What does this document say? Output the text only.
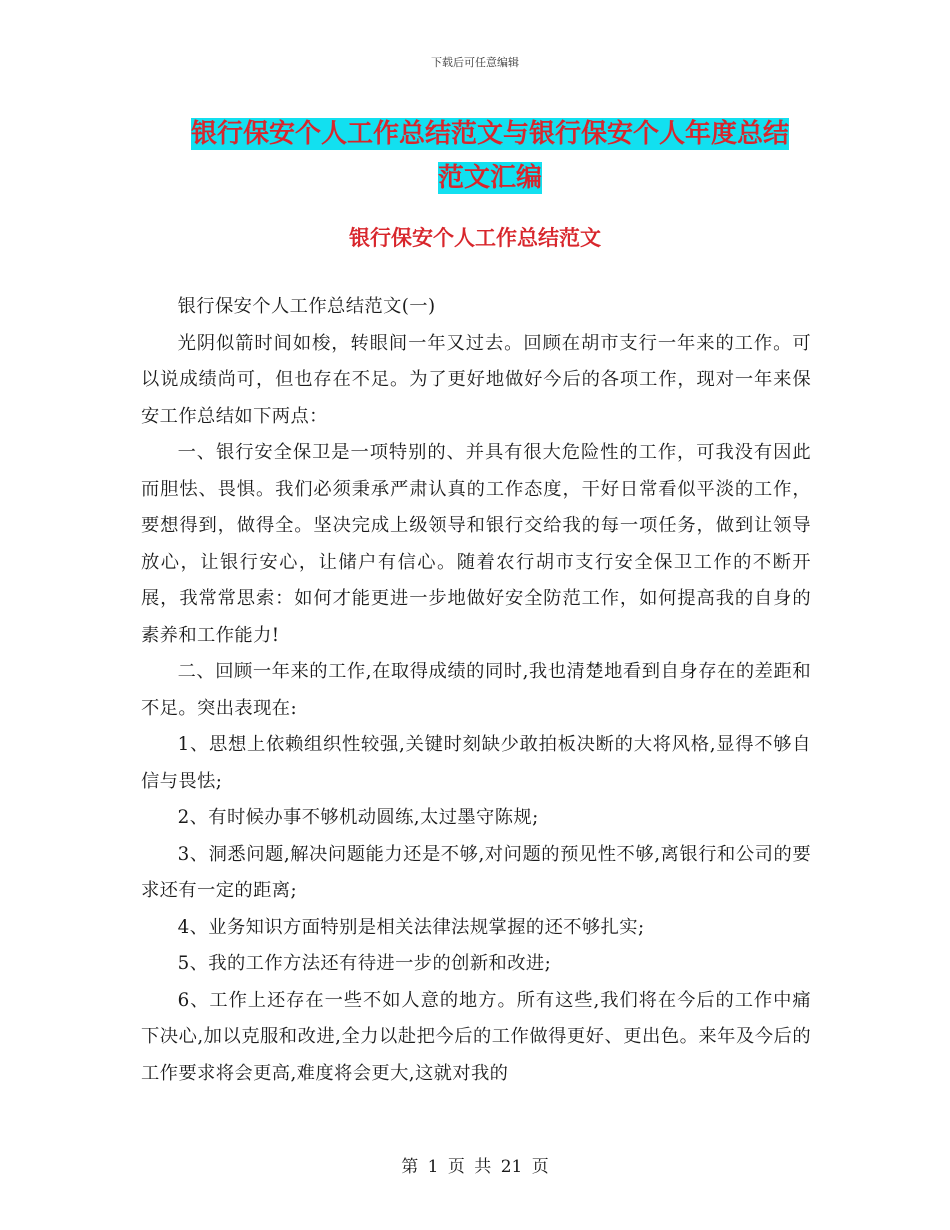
下载后可任意编辑
银行保安个人工作总结范文与银行保安个人年度总结
范文汇编
银行保安个人工作总结范文

银行保安个人工作总结范文(一)

光阴似箭时间如梭，转眼间一年又过去。回顾在胡市支行一年来的工作。可以说成绩尚可，但也存在不足。为了更好地做好今后的各项工作，现对一年来保安工作总结如下两点：

一、银行安全保卫是一项特别的、并具有很大危险性的工作，可我没有因此而胆怯、畏惧。我们必须秉承严肃认真的工作态度，干好日常看似平淡的工作，要想得到，做得全。坚决完成上级领导和银行交给我的每一项任务，做到让领导放心，让银行安心，让储户有信心。随着农行胡市支行安全保卫工作的不断开展，我常常思索：如何才能更进一步地做好安全防范工作，如何提高我的自身的素养和工作能力!

二、回顾一年来的工作,在取得成绩的同时,我也清楚地看到自身存在的差距和不足。突出表现在:

1、思想上依赖组织性较强,关键时刻缺少敢拍板决断的大将风格,显得不够自信与畏怯;

2、有时候办事不够机动圆练,太过墨守陈规;

3、洞悉问题,解决问题能力还是不够,对问题的预见性不够,离银行和公司的要求还有一定的距离;

4、业务知识方面特别是相关法律法规掌握的还不够扎实;

5、我的工作方法还有待进一步的创新和改进;

6、工作上还存在一些不如人意的地方。所有这些,我们将在今后的工作中痛下决心,加以克服和改进,全力以赴把今后的工作做得更好、更出色。来年及今后的工作要求将会更高,难度将会更大,这就对我的

第 1 页 共 21 页
